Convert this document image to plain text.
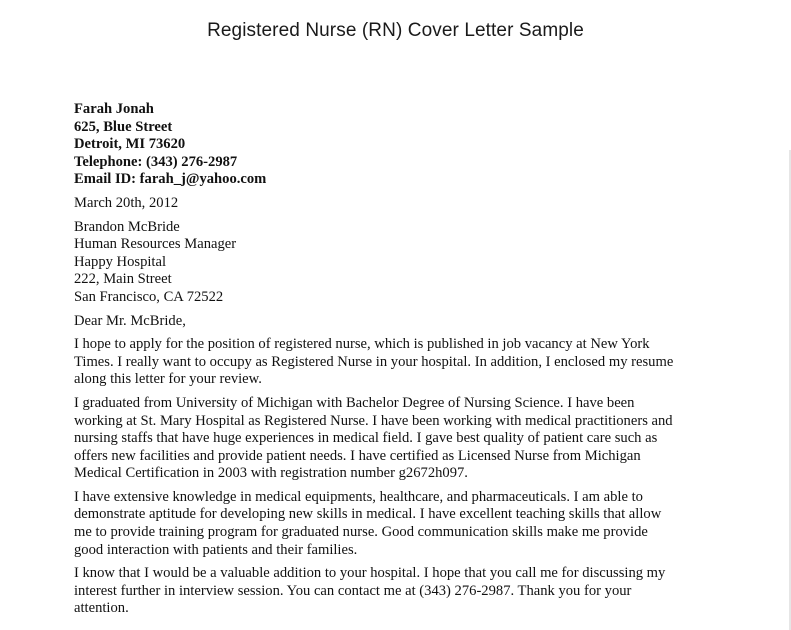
Registered Nurse (RN) Cover Letter Sample
Farah Jonah
625, Blue Street
Detroit, MI 73620
Telephone: (343) 276-2987
Email ID: farah_j@yahoo.com
March 20th, 2012
Brandon McBride
Human Resources Manager
Happy Hospital
222, Main Street
San Francisco, CA 72522
Dear Mr. McBride,
I hope to apply for the position of registered nurse, which is published in job vacancy at New York
Times. I really want to occupy as Registered Nurse in your hospital. In addition, I enclosed my resume
along this letter for your review.
I graduated from University of Michigan with Bachelor Degree of Nursing Science. I have been
working at St. Mary Hospital as Registered Nurse. I have been working with medical practitioners and
nursing staffs that have huge experiences in medical field. I gave best quality of patient care such as
offers new facilities and provide patient needs. I have certified as Licensed Nurse from Michigan
Medical Certification in 2003 with registration number g2672h097.
I have extensive knowledge in medical equipments, healthcare, and pharmaceuticals. I am able to
demonstrate aptitude for developing new skills in medical. I have excellent teaching skills that allow
me to provide training program for graduated nurse. Good communication skills make me provide
good interaction with patients and their families.
I know that I would be a valuable addition to your hospital. I hope that you call me for discussing my
interest further in interview session. You can contact me at (343) 276-2987. Thank you for your
attention.
